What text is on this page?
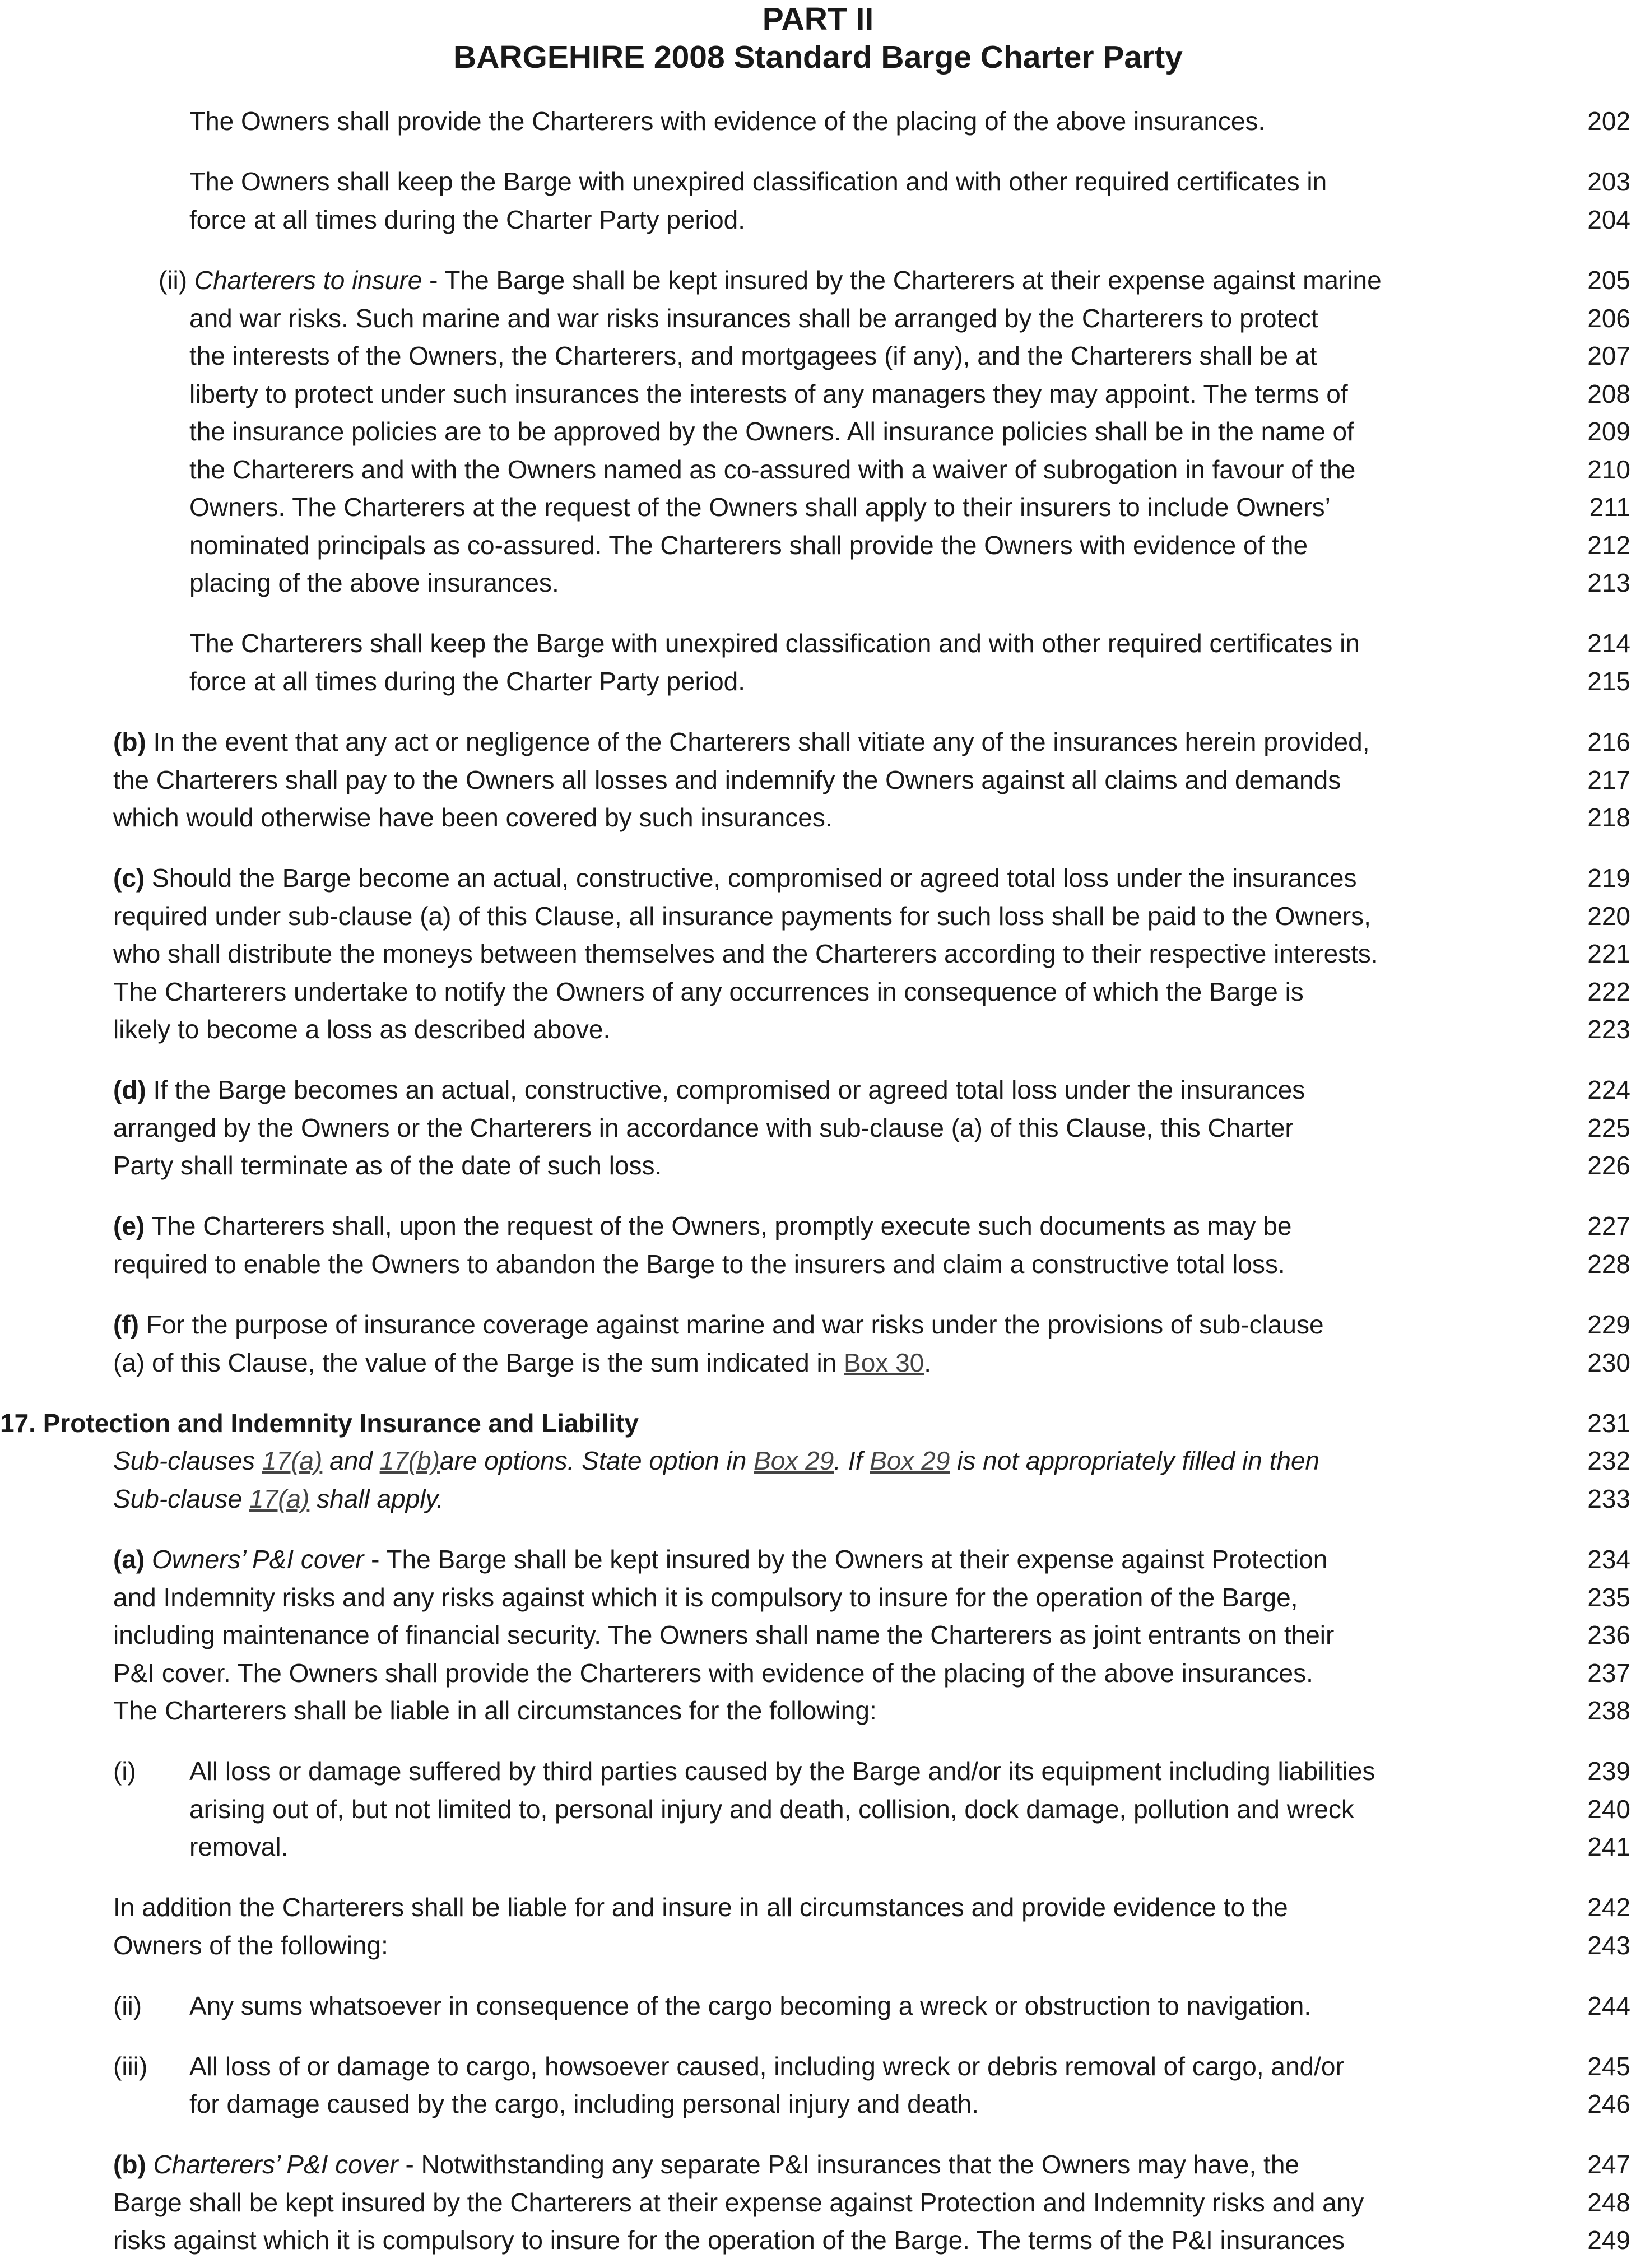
PART II
BARGEHIRE 2008 Standard Barge Charter Party
The Owners shall provide the Charterers with evidence of the placing of the above insurances.	202
The Owners shall keep the Barge with unexpired classification and with other required certificates in	203
force at all times during the Charter Party period.	204
(ii) Charterers to insure - The Barge shall be kept insured by the Charterers at their expense against marine	205
and war risks. Such marine and war risks insurances shall be arranged by the Charterers to protect	206
the interests of the Owners, the Charterers, and mortgagees (if any), and the Charterers shall be at	207
liberty to protect under such insurances the interests of any managers they may appoint. The terms of	208
the insurance policies are to be approved by the Owners. All insurance policies shall be in the name of	209
the Charterers and with the Owners named as co-assured with a waiver of subrogation in favour of the	210
Owners. The Charterers at the request of the Owners shall apply to their insurers to include Owners’	211
nominated principals as co-assured. The Charterers shall provide the Owners with evidence of the	212
placing of the above insurances.	213
The Charterers shall keep the Barge with unexpired classification and with other required certificates in	214
force at all times during the Charter Party period.	215
(b) In the event that any act or negligence of the Charterers shall vitiate any of the insurances herein provided,	216
the Charterers shall pay to the Owners all losses and indemnify the Owners against all claims and demands	217
which would otherwise have been covered by such insurances.	218
(c) Should the Barge become an actual, constructive, compromised or agreed total loss under the insurances	219
required under sub-clause (a) of this Clause, all insurance payments for such loss shall be paid to the Owners,	220
who shall distribute the moneys between themselves and the Charterers according to their respective interests.	221
The Charterers undertake to notify the Owners of any occurrences in consequence of which the Barge is	222
likely to become a loss as described above.	223
(d) If the Barge becomes an actual, constructive, compromised or agreed total loss under the insurances	224
arranged by the Owners or the Charterers in accordance with sub-clause (a) of this Clause, this Charter	225
Party shall terminate as of the date of such loss.	226
(e) The Charterers shall, upon the request of the Owners, promptly execute such documents as may be	227
required to enable the Owners to abandon the Barge to the insurers and claim a constructive total loss.	228
(f) For the purpose of insurance coverage against marine and war risks under the provisions of sub-clause	229
(a) of this Clause, the value of the Barge is the sum indicated in Box 30.	230
17. Protection and Indemnity Insurance and Liability	231
Sub-clauses 17(a) and 17(b)are options. State option in Box 29. If Box 29 is not appropriately filled in then	232
Sub-clause 17(a) shall apply.	233
(a) Owners’ P&I cover - The Barge shall be kept insured by the Owners at their expense against Protection	234
and Indemnity risks and any risks against which it is compulsory to insure for the operation of the Barge,	235
including maintenance of financial security. The Owners shall name the Charterers as joint entrants on their	236
P&I cover. The Owners shall provide the Charterers with evidence of the placing of the above insurances.	237
The Charterers shall be liable in all circumstances for the following:	238
(i) All loss or damage suffered by third parties caused by the Barge and/or its equipment including liabilities	239
arising out of, but not limited to, personal injury and death, collision, dock damage, pollution and wreck	240
removal.	241
In addition the Charterers shall be liable for and insure in all circumstances and provide evidence to the	242
Owners of the following:	243
(ii) Any sums whatsoever in consequence of the cargo becoming a wreck or obstruction to navigation.	244
(iii) All loss of or damage to cargo, howsoever caused, including wreck or debris removal of cargo, and/or	245
for damage caused by the cargo, including personal injury and death.	246
(b) Charterers’ P&I cover - Notwithstanding any separate P&I insurances that the Owners may have, the	247
Barge shall be kept insured by the Charterers at their expense against Protection and Indemnity risks and any	248
risks against which it is compulsory to insure for the operation of the Barge. The terms of the P&I insurances	249
